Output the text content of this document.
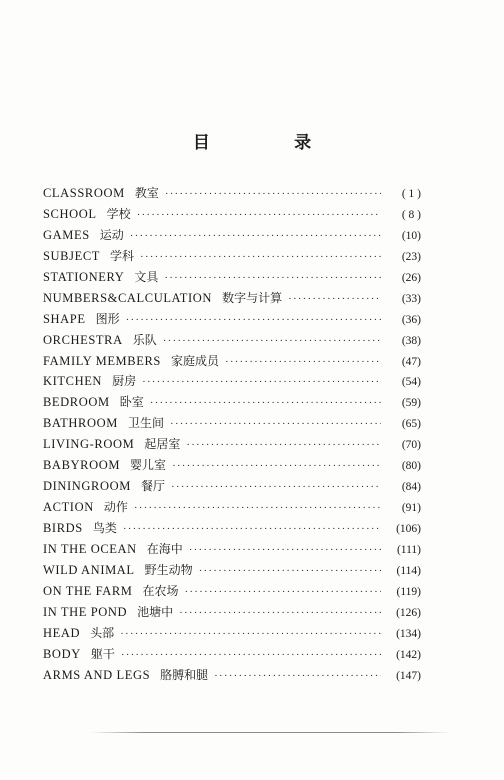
目 录
CLASSROOM 教室 ·····	( 1 )
SCHOOL 学校 ·····	( 8 )
GAMES 运动 ·····	(10)
SUBJECT 学科 ·····	(23)
STATIONERY 文具 ·····	(26)
NUMBERS&CALCULATION 数字与计算 ·····	(33)
SHAPE 图形 ·····	(36)
ORCHESTRA 乐队 ·····	(38)
FAMILY MEMBERS 家庭成员 ·····	(47)
KITCHEN 厨房 ·····	(54)
BEDROOM 卧室 ·····	(59)
BATHROOM 卫生间 ·····	(65)
LIVING-ROOM 起居室 ·····	(70)
BABYROOM 婴儿室 ·····	(80)
DININGROOM 餐厅 ·····	(84)
ACTION 动作 ·····	(91)
BIRDS 鸟类 ·····	(106)
IN THE OCEAN 在海中 ·····	(111)
WILD ANIMAL 野生动物 ·····	(114)
ON THE FARM 在农场 ·····	(119)
IN THE POND 池塘中 ·····	(126)
HEAD 头部 ·····	(134)
BODY 躯干 ·····	(142)
ARMS AND LEGS 胳膊和腿 ·····	(147)
